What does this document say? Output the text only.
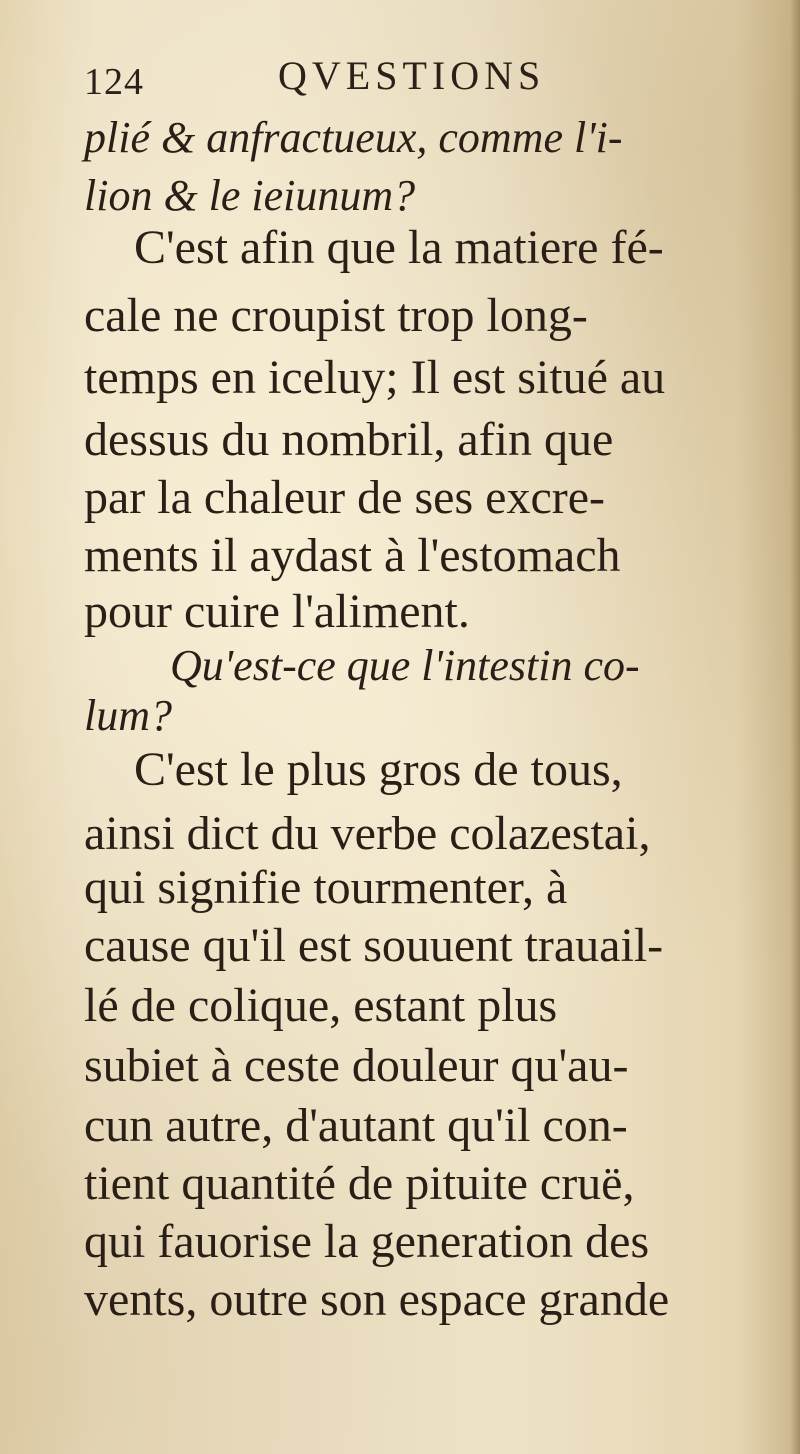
124	QVESTIONS
plié & anfractueux, comme l'i-
lion & le ieiunum?
C'est afin que la matiere fé-
cale ne croupist trop long-
temps en iceluy; Il est situé au
dessus du nombril, afin que
par la chaleur de ses excre-
ments il aydast à l'estomach
pour cuire l'aliment.
Qu'est-ce que l'intestin co-
lum?
C'est le plus gros de tous,
ainsi dict du verbe colazestai,
qui signifie tourmenter, à
cause qu'il est souuent trauail-
lé de colique, estant plus
subiet à ceste douleur qu'au-
cun autre, d'autant qu'il con-
tient quantité de pituite cruë,
qui fauorise la generation des
vents, outre son espace grande
